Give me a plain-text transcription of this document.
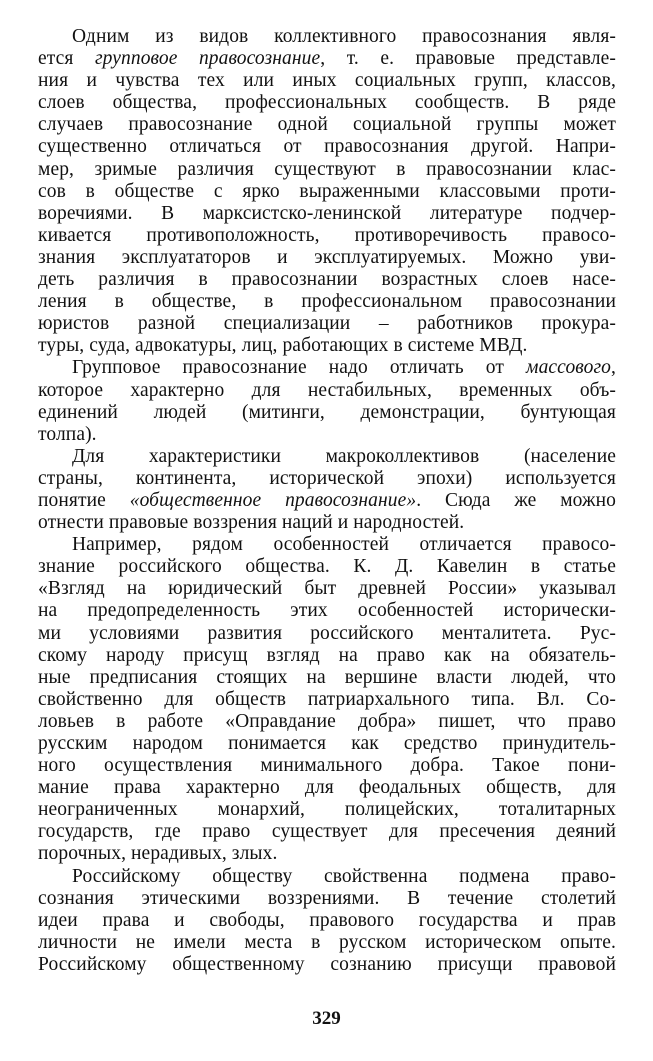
Одним из видов коллективного правосознания явля-
ется групповое правосознание, т. е. правовые представле-
ния и чувства тех или иных социальных групп, классов,
слоев общества, профессиональных сообществ. В ряде
случаев правосознание одной социальной группы может
существенно отличаться от правосознания другой. Напри-
мер, зримые различия существуют в правосознании клас-
сов в обществе с ярко выраженными классовыми проти-
воречиями. В марксистско-ленинской литературе подчер-
кивается противоположность, противоречивость правосо-
знания эксплуататоров и эксплуатируемых. Можно уви-
деть различия в правосознании возрастных слоев насе-
ления в обществе, в профессиональном правосознании
юристов разной специализации – работников прокура-
туры, суда, адвокатуры, лиц, работающих в системе МВД.
Групповое правосознание надо отличать от массового,
которое характерно для нестабильных, временных объ-
единений людей (митинги, демонстрации, бунтующая
толпа).
Для характеристики макроколлективов (население
страны, континента, исторической эпохи) используется
понятие «общественное правосознание». Сюда же можно
отнести правовые воззрения наций и народностей.
Например, рядом особенностей отличается правосо-
знание российского общества. К. Д. Кавелин в статье
«Взгляд на юридический быт древней России» указывал
на предопределенность этих особенностей исторически-
ми условиями развития российского менталитета. Рус-
скому народу присущ взгляд на право как на обязатель-
ные предписания стоящих на вершине власти людей, что
свойственно для обществ патриархального типа. Вл. Со-
ловьев в работе «Оправдание добра» пишет, что право
русским народом понимается как средство принудитель-
ного осуществления минимального добра. Такое пони-
мание права характерно для феодальных обществ, для
неограниченных монархий, полицейских, тоталитарных
государств, где право существует для пресечения деяний
порочных, нерадивых, злых.
Российскому обществу свойственна подмена право-
сознания этическими воззрениями. В течение столетий
идеи права и свободы, правового государства и прав
личности не имели места в русском историческом опыте.
Российскому общественному сознанию присущи правовой
329
